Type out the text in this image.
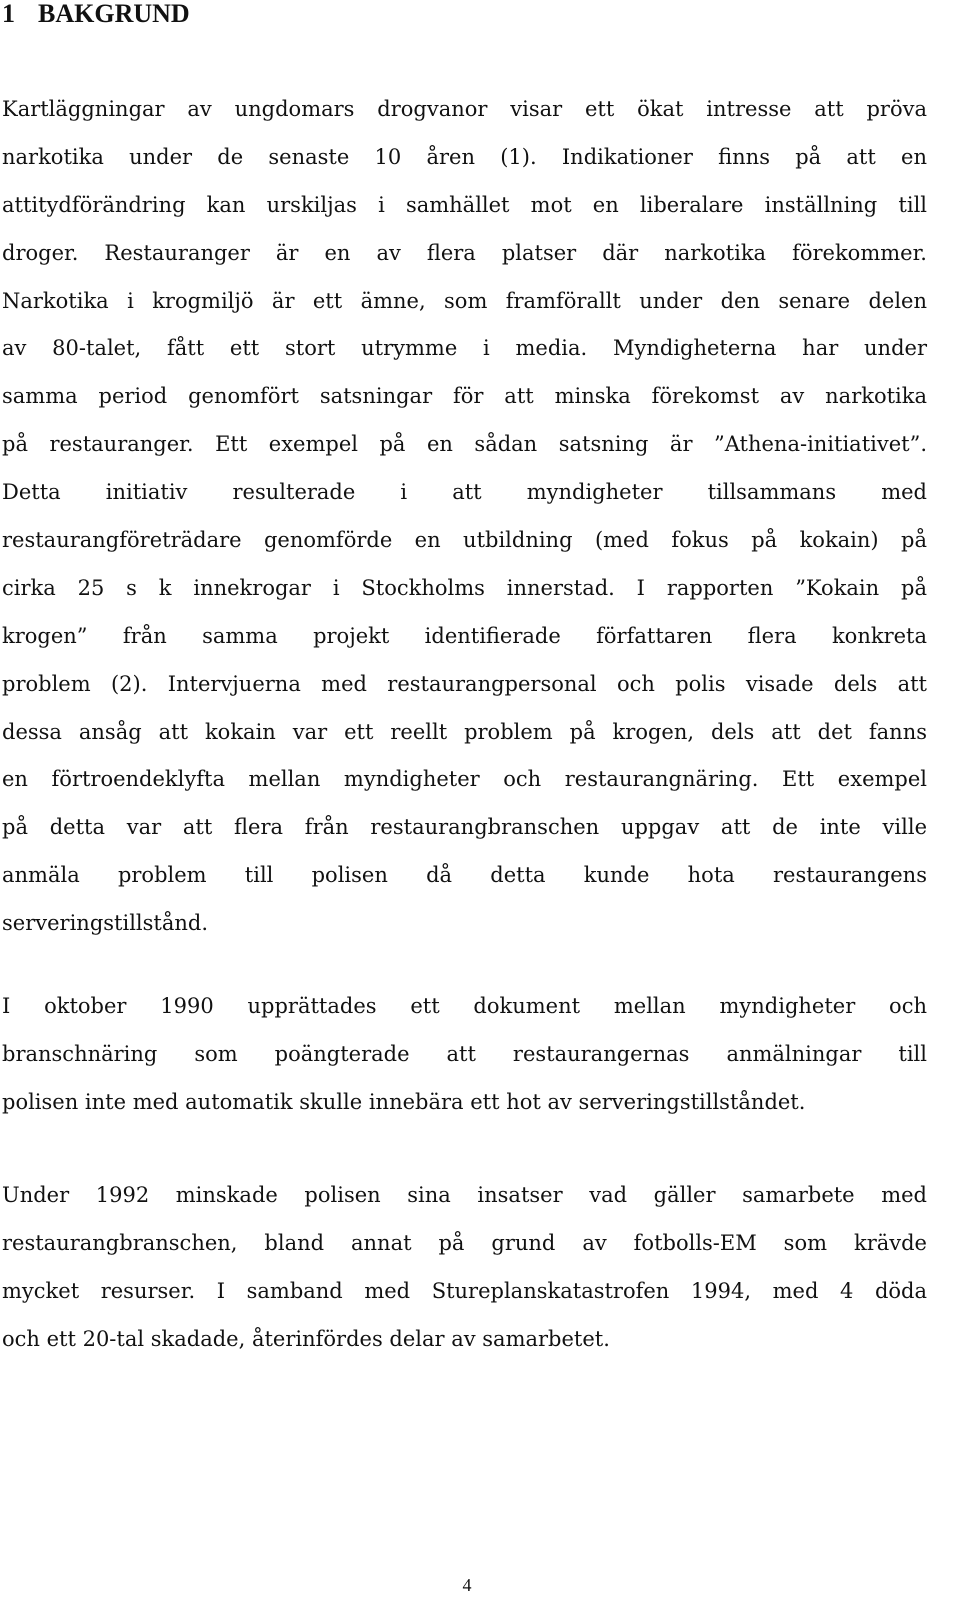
1 BAKGRUND
Kartläggningar av ungdomars drogvanor visar ett ökat intresse att pröva
narkotika under de senaste 10 åren (1). Indikationer finns på att en
attitydförändring kan urskiljas i samhället mot en liberalare inställning till
droger. Restauranger är en av flera platser där narkotika förekommer.
Narkotika i krogmiljö är ett ämne, som framförallt under den senare delen
av 80-talet, fått ett stort utrymme i media. Myndigheterna har under
samma period genomfört satsningar för att minska förekomst av narkotika
på restauranger. Ett exempel på en sådan satsning är ”Athena-initiativet”.
Detta initiativ resulterade i att myndigheter tillsammans med
restaurangföreträdare genomförde en utbildning (med fokus på kokain) på
cirka 25 s k innekrogar i Stockholms innerstad. I rapporten ”Kokain på
krogen” från samma projekt identifierade författaren flera konkreta
problem (2). Intervjuerna med restaurangpersonal och polis visade dels att
dessa ansåg att kokain var ett reellt problem på krogen, dels att det fanns
en förtroendeklyfta mellan myndigheter och restaurangnäring. Ett exempel
på detta var att flera från restaurangbranschen uppgav att de inte ville
anmäla problem till polisen då detta kunde hota restaurangens
serveringstillstånd.
I oktober 1990 upprättades ett dokument mellan myndigheter och
branschnäring som poängterade att restaurangernas anmälningar till
polisen inte med automatik skulle innebära ett hot av serveringstillståndet.
Under 1992 minskade polisen sina insatser vad gäller samarbete med
restaurangbranschen, bland annat på grund av fotbolls-EM som krävde
mycket resurser. I samband med Stureplanskatastrofen 1994, med 4 döda
och ett 20-tal skadade, återinfördes delar av samarbetet.
4
